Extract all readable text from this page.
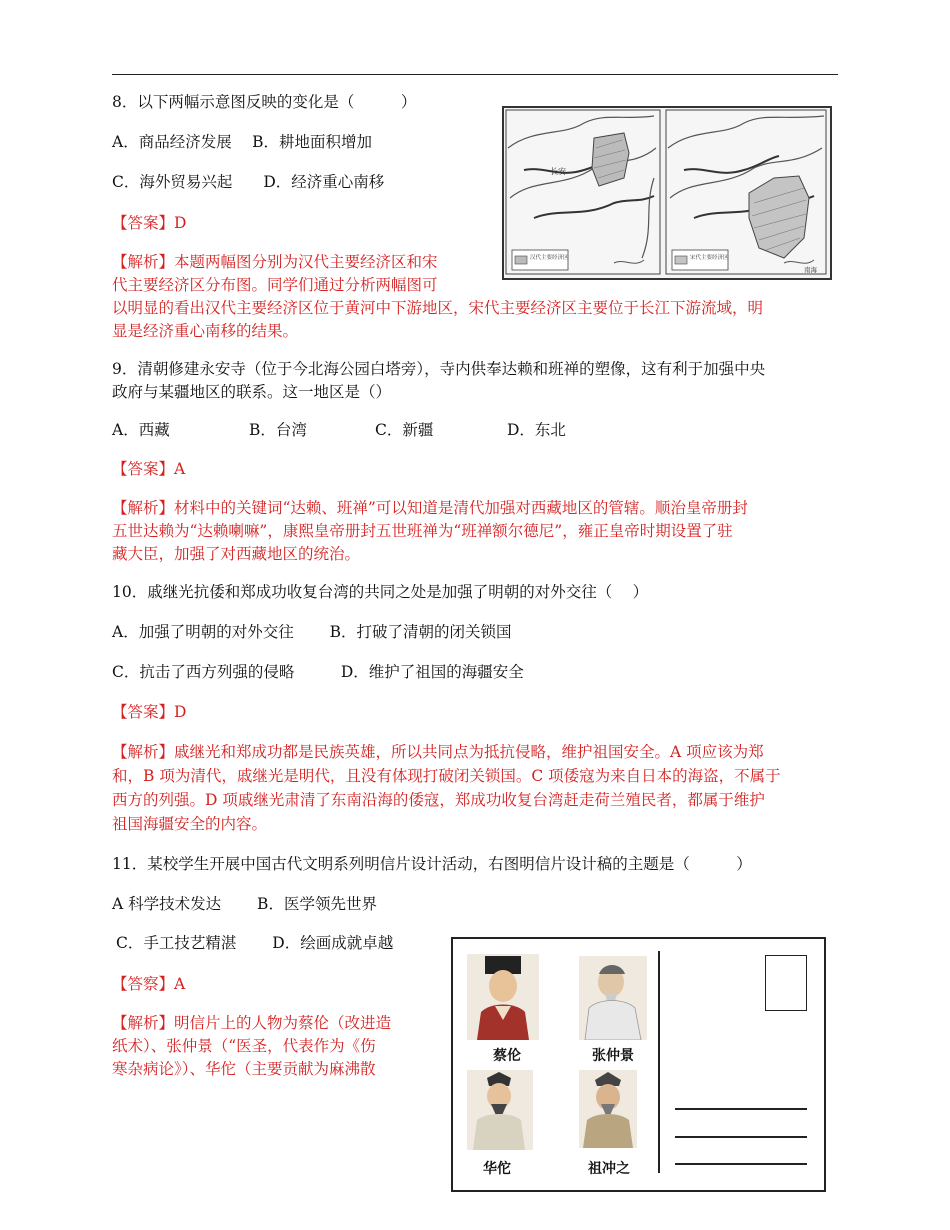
8．以下两幅示意图反映的变化是（　　　）
A．商品经济发展　 B．耕地面积增加
C．海外贸易兴起　　D．经济重心南移
【答案】D
【解析】本题两幅图分别为汉代主要经济区和宋
代主要经济区分布图。同学们通过分析两幅图可
以明显的看出汉代主要经济区位于黄河中下游地区，宋代主要经济区主要位于长江下游流域，明
显是经济重心南移的结果。
长安
汉代主要经济区	宋代主要经济区
南海
9．清朝修建永安寺（位于今北海公园白塔旁），寺内供奉达赖和班禅的塑像，这有利于加强中央
政府与某疆地区的联系。这一地区是（）
A．西藏	B．台湾	C．新疆	D．东北
【答案】A
【解析】材料中的关键词“达赖、班禅”可以知道是清代加强对西藏地区的管辖。顺治皇帝册封
五世达赖为“达赖喇嘛”，康熙皇帝册封五世班禅为“班禅额尔德尼”，雍正皇帝时期设置了驻
藏大臣，加强了对西藏地区的统治。
10．戚继光抗倭和郑成功收复台湾的共同之处是加强了明朝的对外交往（　 ）
A．加强了明朝的对外交往　　 B．打破了清朝的闭关锁国
C．抗击了西方列强的侵略　　　D．维护了祖国的海疆安全
【答案】D
【解析】戚继光和郑成功都是民族英雄，所以共同点为抵抗侵略，维护祖国安全。A 项应该为郑
和，B 项为清代，戚继光是明代，且没有体现打破闭关锁国。C 项倭寇为来自日本的海盗，不属于
西方的列强。D 项戚继光肃清了东南沿海的倭寇，郑成功收复台湾赶走荷兰殖民者，都属于维护
祖国海疆安全的内容。
11．某校学生开展中国古代文明系列明信片设计活动，右图明信片设计稿的主题是（　　　）
A 科学技术发达　　 B．医学领先世界
C．手工技艺精湛　　 D．绘画成就卓越
【答察】A
【解析】明信片上的人物为蔡伦（改进造
纸术）、张仲景（“医圣，代表作为《伤
寒杂病论》）、华佗（主要贡献为麻沸散
蔡伦	张仲景
华佗	祖冲之
